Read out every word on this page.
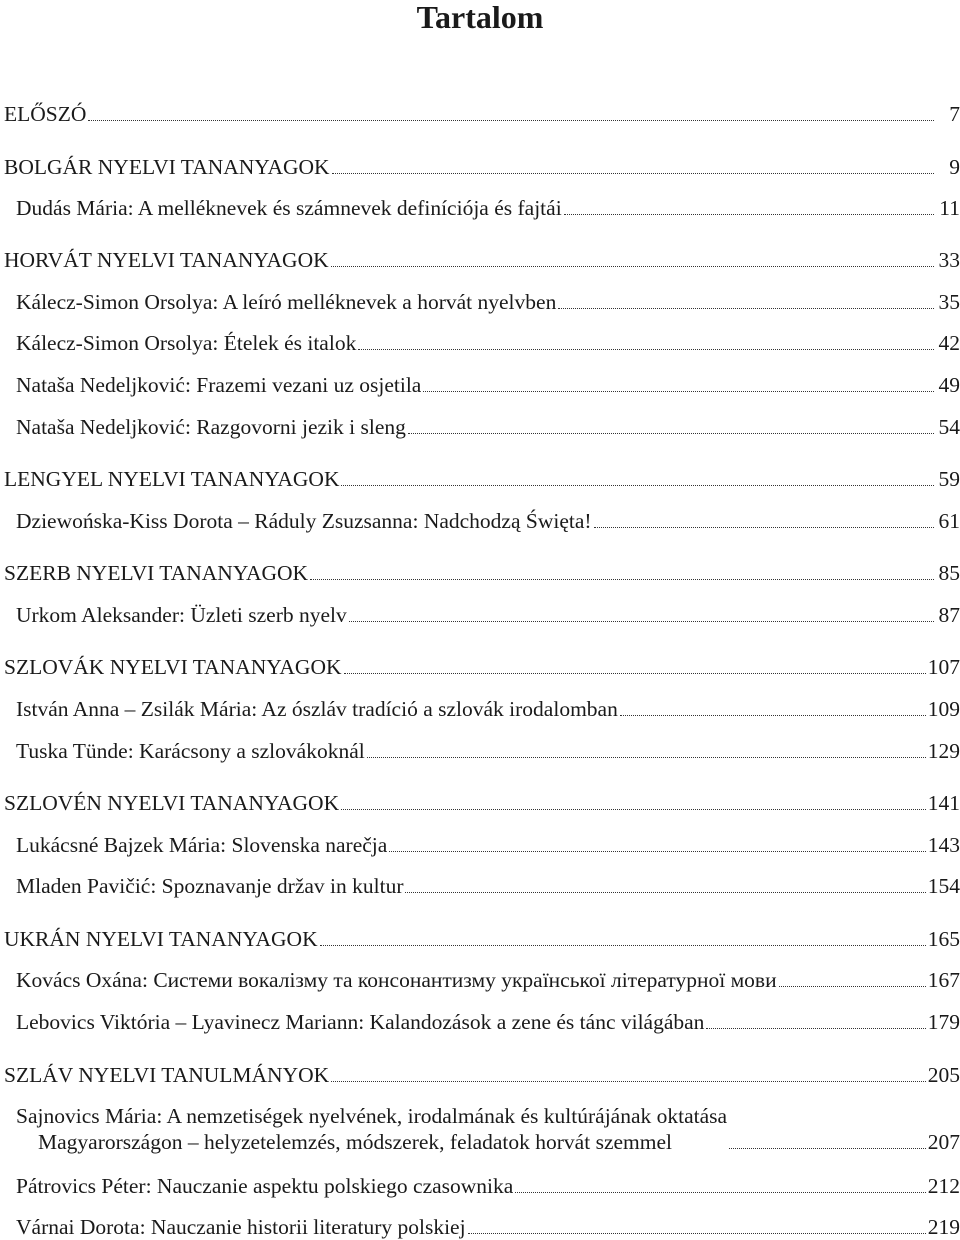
Tartalom
ELŐSZÓ	7
BOLGÁR NYELVI TANANYAGOK	9
Dudás Mária: A melléknevek és számnevek definíciója és fajtái	11
HORVÁT NYELVI TANANYAGOK	33
Kálecz-Simon Orsolya: A leíró melléknevek a horvát nyelvben	35
Kálecz-Simon Orsolya: Ételek és italok	42
Nataša Nedeljković: Frazemi vezani uz osjetila	49
Nataša Nedeljković: Razgovorni jezik i sleng	54
LENGYEL NYELVI TANANYAGOK	59
Dziewońska-Kiss Dorota – Ráduly Zsuzsanna: Nadchodzą Święta!	61
SZERB NYELVI TANANYAGOK	85
Urkom Aleksander: Üzleti szerb nyelv	87
SZLOVÁK NYELVI TANANYAGOK	107
István Anna – Zsilák Mária: Az ószláv tradíció a szlovák irodalomban	109
Tuska Tünde: Karácsony a szlovákoknál	129
SZLOVÉN NYELVI TANANYAGOK	141
Lukácsné Bajzek Mária: Slovenska narečja	143
Mladen Pavičić: Spoznavanje držav in kultur	154
UKRÁN NYELVI TANANYAGOK	165
Kovács Oxána: Системи вокалізму та консонантизму української літературної мови	167
Lebovics Viktória – Lyavinecz Mariann: Kalandozások a zene és tánc világában	179
SZLÁV NYELVI TANULMÁNYOK	205
Sajnovics Mária: A nemzetiségek nyelvének, irodalmának és kultúrájának oktatása
Magyarországon – helyzetelemzés, módszerek, feladatok horvát szemmel	207
Pátrovics Péter: Nauczanie aspektu polskiego czasownika	212
Várnai Dorota: Nauczanie historii literatury polskiej	219
